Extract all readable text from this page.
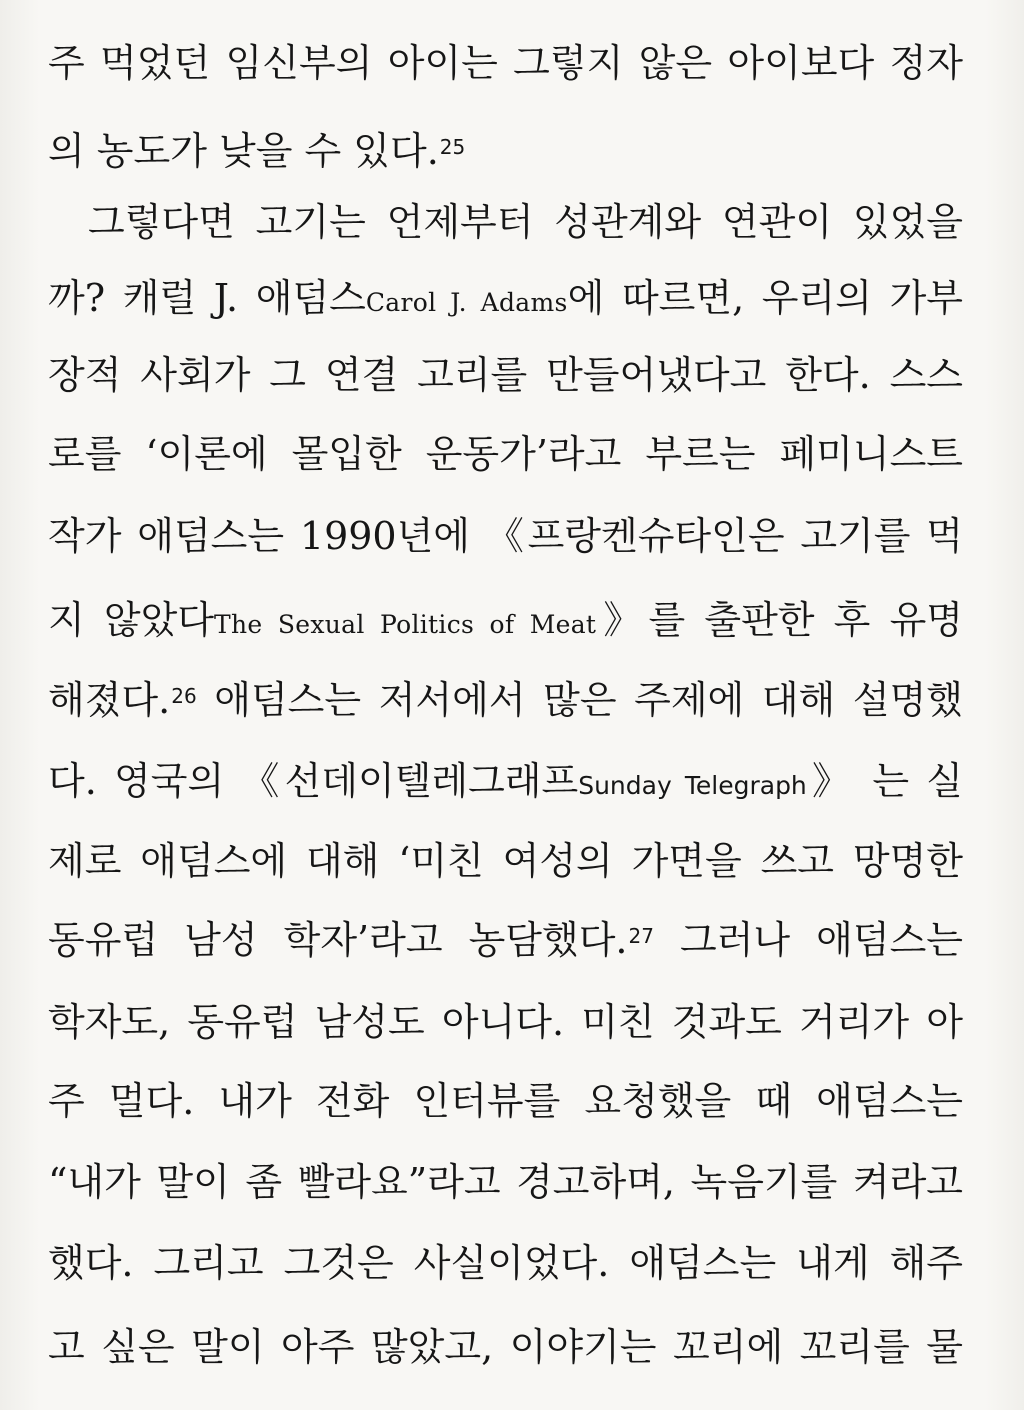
주 먹었던 임신부의 아이는 그렇지 않은 아이보다 정자
의 농도가 낮을 수 있다.$^{25}$
그렇다면 고기는 언제부터 성관계와 연관이 있었을
까? 캐럴 J. 애덤스Carol J. Adams에 따르면, 우리의 가부
장적 사회가 그 연결 고리를 만들어냈다고 한다. 스스
로를 ‘이론에 몰입한 운동가’라고 부르는 페미니스트
작가 애덤스는 1990년에 《프랑켄슈타인은 고기를 먹
지 않았다The Sexual Politics of Meat》를 출판한 후 유명
해졌다.$^{26}$ 애덤스는 저서에서 많은 주제에 대해 설명했
다. 영국의 《선데이텔레그래프Sunday Telegraph》 는 실
제로 애덤스에 대해 ‘미친 여성의 가면을 쓰고 망명한
동유럽 남성 학자’라고 농담했다.$^{27}$ 그러나 애덤스는
학자도, 동유럽 남성도 아니다. 미친 것과도 거리가 아
주 멀다. 내가 전화 인터뷰를 요청했을 때 애덤스는
“내가 말이 좀 빨라요”라고 경고하며, 녹음기를 켜라고
했다. 그리고 그것은 사실이었다. 애덤스는 내게 해주
고 싶은 말이 아주 많았고, 이야기는 꼬리에 꼬리를 물
